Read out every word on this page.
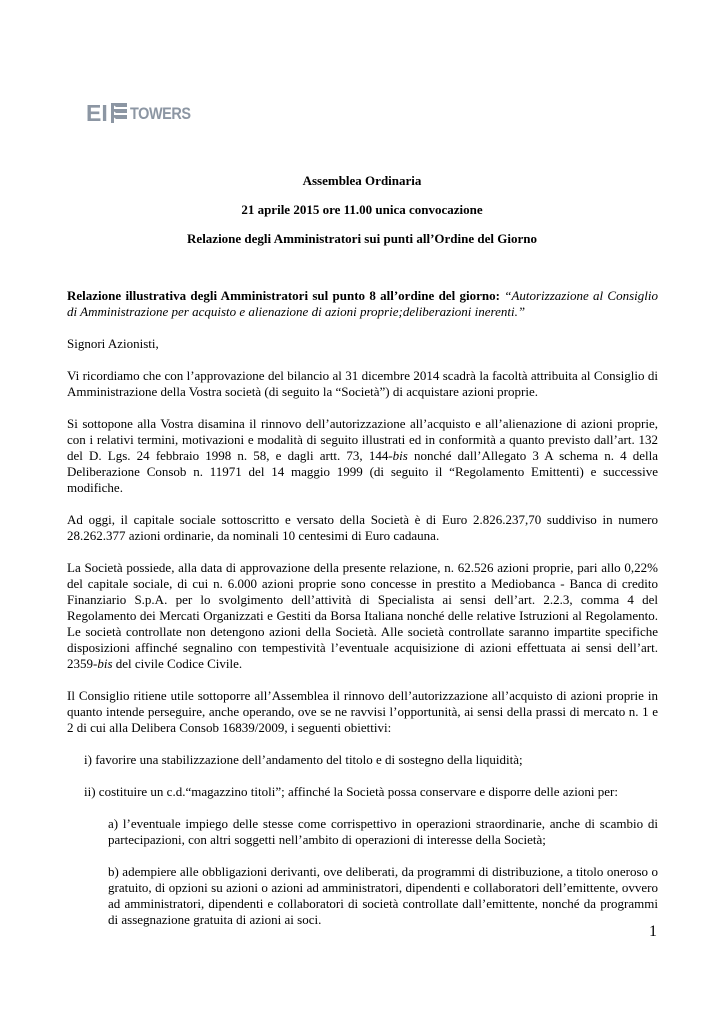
EI TOWERS
Assemblea Ordinaria
21 aprile 2015 ore 11.00 unica convocazione
Relazione degli Amministratori sui punti all’Ordine del Giorno

Relazione illustrativa degli Amministratori sul punto 8 all’ordine del giorno: “Autorizzazione al Consiglio di Amministrazione per acquisto e alienazione di azioni proprie;deliberazioni inerenti.”

Signori Azionisti,

Vi ricordiamo che con l’approvazione del bilancio al 31 dicembre 2014 scadrà la facoltà attribuita al Consiglio di Amministrazione della Vostra società (di seguito la “Società”) di acquistare azioni proprie.

Si sottopone alla Vostra disamina il rinnovo dell’autorizzazione all’acquisto e all’alienazione di azioni proprie, con i relativi termini, motivazioni e modalità di seguito illustrati ed in conformità a quanto previsto dall’art. 132 del D. Lgs. 24 febbraio 1998 n. 58, e dagli artt. 73, 144-bis nonché dall’Allegato 3 A schema n. 4 della Deliberazione Consob n. 11971 del 14 maggio 1999 (di seguito il “Regolamento Emittenti) e successive modifiche.

Ad oggi, il capitale sociale sottoscritto e versato della Società è di Euro 2.826.237,70 suddiviso in numero 28.262.377 azioni ordinarie, da nominali 10 centesimi di Euro cadauna.

La Società possiede, alla data di approvazione della presente relazione, n. 62.526 azioni proprie, pari allo 0,22% del capitale sociale, di cui n. 6.000 azioni proprie sono concesse in prestito a Mediobanca - Banca di credito Finanziario S.p.A. per lo svolgimento dell’attività di Specialista ai sensi dell’art. 2.2.3, comma 4 del Regolamento dei Mercati Organizzati e Gestiti da Borsa Italiana nonché delle relative Istruzioni al Regolamento. Le società controllate non detengono azioni della Società. Alle società controllate saranno impartite specifiche disposizioni affinché segnalino con tempestività l’eventuale acquisizione di azioni effettuata ai sensi dell’art. 2359-bis del civile Codice Civile.

Il Consiglio ritiene utile sottoporre all’Assemblea il rinnovo dell’autorizzazione all’acquisto di azioni proprie in quanto intende perseguire, anche operando, ove se ne ravvisi l’opportunità, ai sensi della prassi di mercato n. 1 e 2 di cui alla Delibera Consob 16839/2009, i seguenti obiettivi:

i) favorire una stabilizzazione dell’andamento del titolo e di sostegno della liquidità;

ii) costituire un c.d.“magazzino titoli”; affinché la Società possa conservare e disporre delle azioni per:

a) l’eventuale impiego delle stesse come corrispettivo in operazioni straordinarie, anche di scambio di partecipazioni, con altri soggetti nell’ambito di operazioni di interesse della Società;

b) adempiere alle obbligazioni derivanti, ove deliberati, da programmi di distribuzione, a titolo oneroso o gratuito, di opzioni su azioni o azioni ad amministratori, dipendenti e collaboratori dell’emittente, ovvero ad amministratori, dipendenti e collaboratori di società controllate dall’emittente, nonché da programmi di assegnazione gratuita di azioni ai soci.

1
